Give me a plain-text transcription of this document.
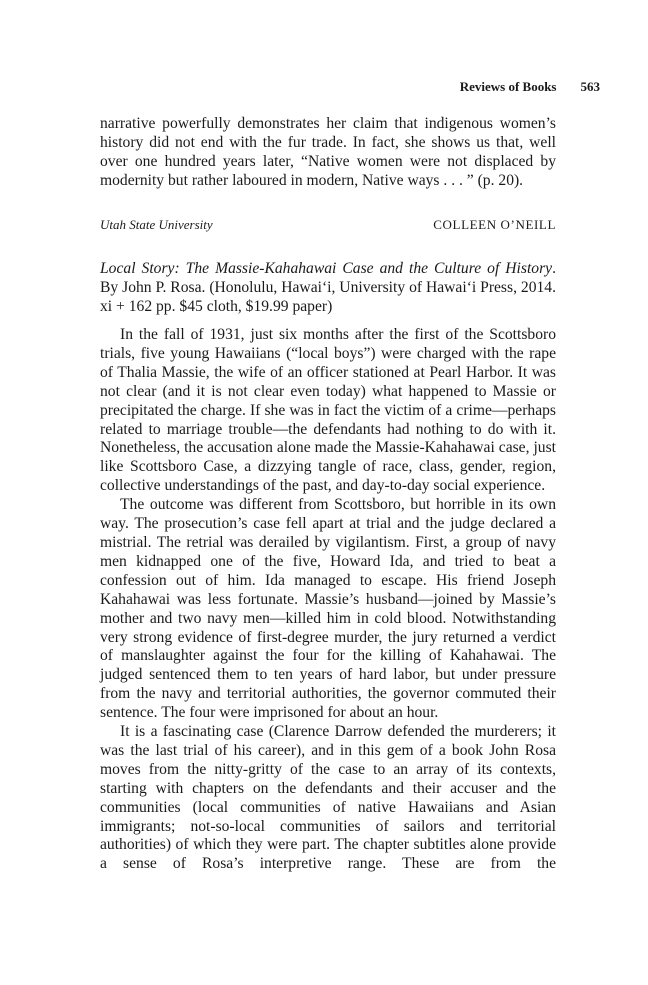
Reviews of Books 563

narrative powerfully demonstrates her claim that indigenous women’s history did not end with the fur trade. In fact, she shows us that, well over one hundred years later, “Native women were not displaced by modernity but rather laboured in modern, Native ways . . . ” (p. 20).

Utah State University	COLLEEN O’NEILL

Local Story: The Massie-Kahahawai Case and the Culture of History. By John P. Rosa. (Honolulu, Hawai‘i, University of Hawai‘i Press, 2014. xi + 162 pp. $45 cloth, $19.99 paper)

In the fall of 1931, just six months after the first of the Scottsboro trials, five young Hawaiians (“local boys”) were charged with the rape of Thalia Massie, the wife of an officer stationed at Pearl Harbor. It was not clear (and it is not clear even today) what happened to Massie or precipitated the charge. If she was in fact the victim of a crime—perhaps related to marriage trouble—the defendants had nothing to do with it. Nonetheless, the accusation alone made the Massie-Kahahawai case, just like Scottsboro Case, a dizzying tangle of race, class, gender, region, collective understandings of the past, and day-to-day social experience.

The outcome was different from Scottsboro, but horrible in its own way. The prosecution’s case fell apart at trial and the judge declared a mistrial. The retrial was derailed by vigilantism. First, a group of navy men kidnapped one of the five, Howard Ida, and tried to beat a confession out of him. Ida managed to escape. His friend Joseph Kahahawai was less fortunate. Massie’s husband—joined by Massie’s mother and two navy men—killed him in cold blood. Notwithstanding very strong evidence of first-degree murder, the jury returned a verdict of manslaughter against the four for the killing of Kahahawai. The judged sentenced them to ten years of hard labor, but under pressure from the navy and territorial authorities, the governor commuted their sentence. The four were imprisoned for about an hour.

It is a fascinating case (Clarence Darrow defended the murderers; it was the last trial of his career), and in this gem of a book John Rosa moves from the nitty-gritty of the case to an array of its contexts, starting with chapters on the defendants and their accuser and the communities (local communities of native Hawaiians and Asian immigrants; not-so-local communities of sailors and territorial authorities) of which they were part. The chapter subtitles alone provide a sense of Rosa’s interpretive range. These are from the
